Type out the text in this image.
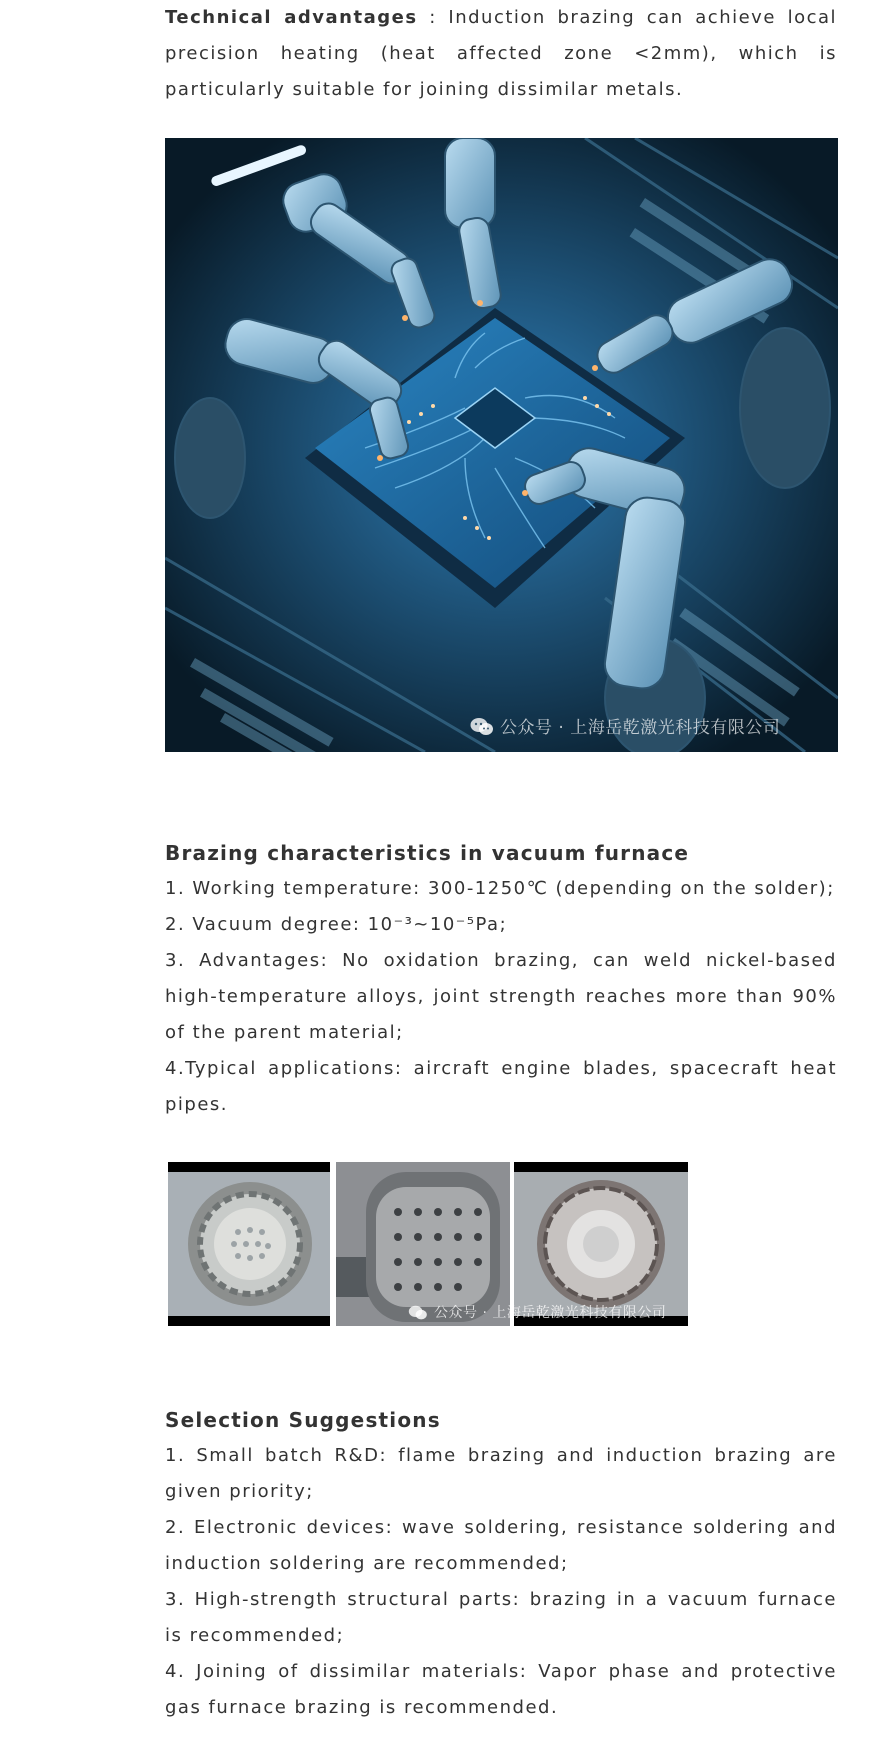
Technical advantages : Induction brazing can achieve local precision heating (heat affected zone <2mm), which is particularly suitable for joining dissimilar metals.

公众号 · 上海岳乾激光科技有限公司
Brazing characteristics in vacuum furnace

1. Working temperature: 300-1250℃ (depending on the solder);

2. Vacuum degree: 10⁻³~10⁻⁵Pa;

3. Advantages: No oxidation brazing, can weld nickel-based high-temperature alloys, joint strength reaches more than 90% of the parent material;

4.Typical applications: aircraft engine blades, spacecraft heat pipes.

公众号 · 上海岳乾激光科技有限公司
Selection Suggestions

1. Small batch R&D: flame brazing and induction brazing are given priority;

2. Electronic devices: wave soldering, resistance soldering and induction soldering are recommended;

3. High-strength structural parts: brazing in a vacuum furnace is recommended;

4. Joining of dissimilar materials: Vapor phase and protective gas furnace brazing is recommended.
